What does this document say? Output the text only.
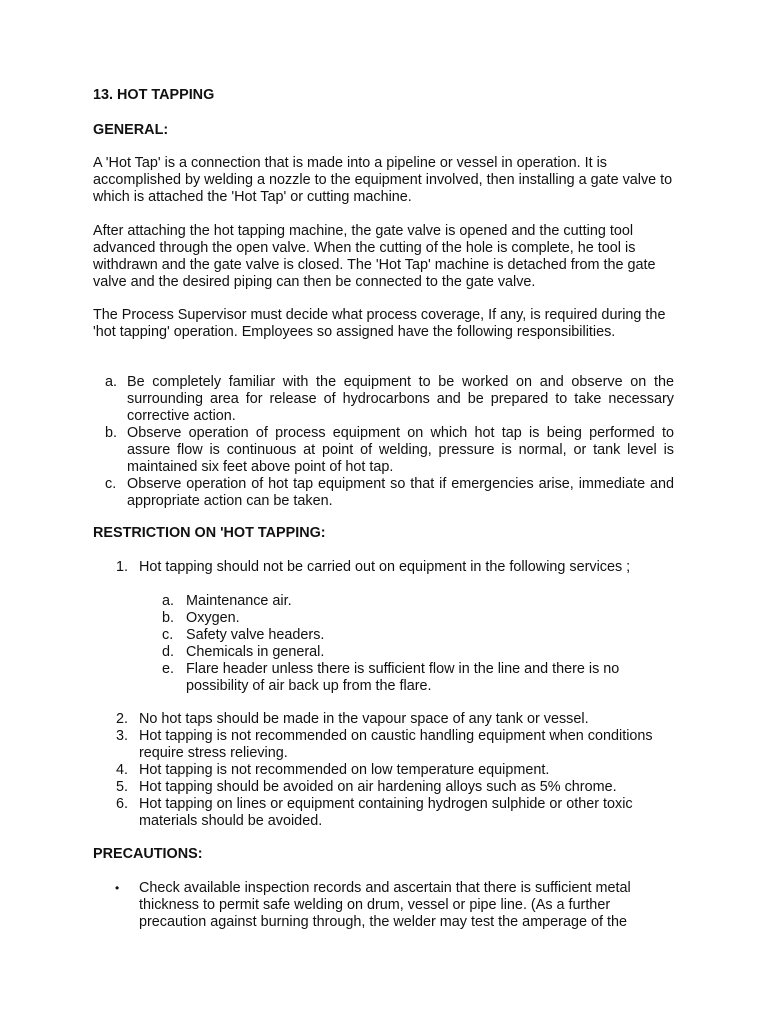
13. HOT TAPPING
GENERAL:
A 'Hot Tap' is a connection that is made into a pipeline or vessel in operation. It is accomplished by welding a nozzle to the equipment involved, then installing a gate valve to which is attached the 'Hot Tap' or cutting machine.
After attaching the hot tapping machine, the gate valve is opened and the cutting tool advanced through the open valve. When the cutting of the hole is complete, he tool is withdrawn and the gate valve is closed. The 'Hot Tap' machine is detached from the gate valve and the desired piping can then be connected to the gate valve.
The Process Supervisor must decide what process coverage, If any, is required during the 'hot tapping' operation. Employees so assigned have the following responsibilities.
a. Be completely familiar with the equipment to be worked on and observe on the surrounding area for release of hydrocarbons and be prepared to take necessary corrective action.
b. Observe operation of process equipment on which hot tap is being performed to assure flow is continuous at point of welding, pressure is normal, or tank level is maintained six feet above point of hot tap.
c. Observe operation of hot tap equipment so that if emergencies arise, immediate and appropriate action can be taken.
RESTRICTION ON 'HOT TAPPING:
1. Hot tapping should not be carried out on equipment in the following services ;
a. Maintenance air.
b. Oxygen.
c. Safety valve headers.
d. Chemicals in general.
e. Flare header unless there is sufficient flow in the line and there is no possibility of air back up from the flare.
2. No hot taps should be made in the vapour space of any tank or vessel.
3. Hot tapping is not recommended on caustic handling equipment when conditions require stress relieving.
4. Hot tapping is not recommended on low temperature equipment.
5. Hot tapping should be avoided on air hardening alloys such as 5% chrome.
6. Hot tapping on lines or equipment containing hydrogen sulphide or other toxic materials should be avoided.
PRECAUTIONS:
• Check available inspection records and ascertain that there is sufficient metal thickness to permit safe welding on drum, vessel or pipe line. (As a further precaution against burning through, the welder may test the amperage of the
